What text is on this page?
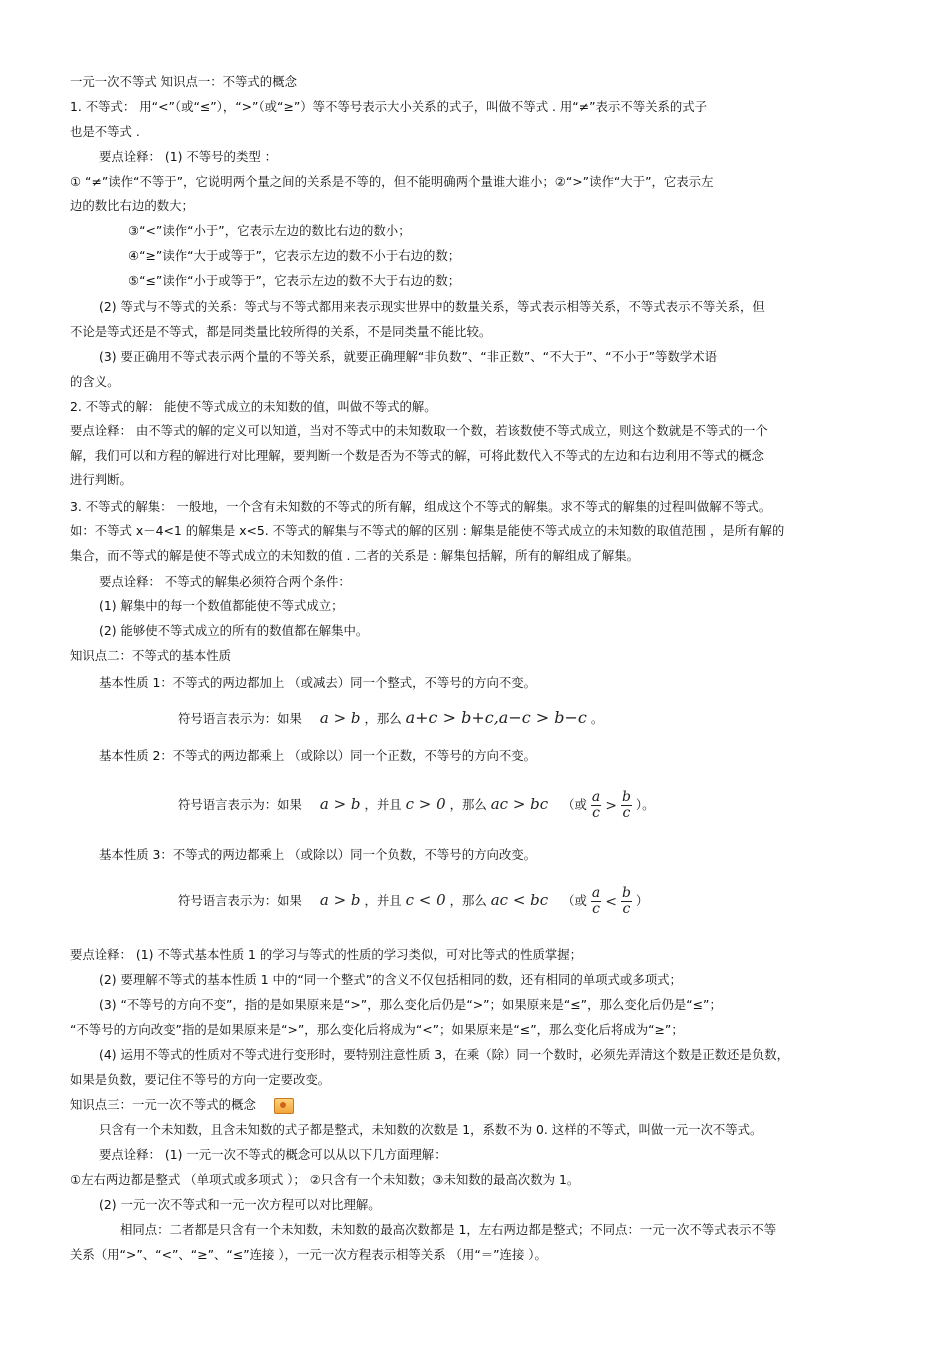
一元一次不等式 知识点一：不等式的概念
1. 不等式： 用“<”（或“≤”），“>”（或“≥”）等不等号表示大小关系的式子，叫做不等式 . 用“≠”表示不等关系的式子
也是不等式 .
要点诠释： (1) 不等号的类型 ：
① “≠”读作“不等于”，它说明两个量之间的关系是不等的，但不能明确两个量谁大谁小；②“>”读作“大于”，它表示左
边的数比右边的数大；
③“<”读作“小于”，它表示左边的数比右边的数小；
④“≥”读作“大于或等于”，它表示左边的数不小于右边的数；
⑤“≤”读作“小于或等于”，它表示左边的数不大于右边的数；
(2) 等式与不等式的关系：等式与不等式都用来表示现实世界中的数量关系，等式表示相等关系，不等式表示不等关系，但
不论是等式还是不等式，都是同类量比较所得的关系，不是同类量不能比较。
(3) 要正确用不等式表示两个量的不等关系，就要正确理解“非负数”、“非正数”、“不大于”、“不小于”等数学术语
的含义。
2. 不等式的解： 能使不等式成立的未知数的值，叫做不等式的解。
要点诠释： 由不等式的解的定义可以知道，当对不等式中的未知数取一个数，若该数使不等式成立，则这个数就是不等式的一个
解，我们可以和方程的解进行对比理解，要判断一个数是否为不等式的解，可将此数代入不等式的左边和右边利用不等式的概念
进行判断。
3. 不等式的解集： 一般地，一个含有未知数的不等式的所有解，组成这个不等式的解集。求不等式的解集的过程叫做解不等式。
如：不等式 x－4<1 的解集是 x<5. 不等式的解集与不等式的解的区别 : 解集是能使不等式成立的未知数的取值范围 ，是所有解的
集合，而不等式的解是使不等式成立的未知数的值 . 二者的关系是 : 解集包括解，所有的解组成了解集。
要点诠释： 不等式的解集必须符合两个条件：
(1) 解集中的每一个数值都能使不等式成立；
(2) 能够使不等式成立的所有的数值都在解集中。
知识点二：不等式的基本性质
基本性质 1：不等式的两边都加上 （或减去）同一个整式，不等号的方向不变。
符号语言表示为：如果 a > b ，那么 a+c > b+c,a−c > b−c 。
基本性质 2：不等式的两边都乘上 （或除以）同一个正数，不等号的方向不变。
符号语言表示为：如果 a > b ，并且 c > 0 ，那么 ac > bc （或 $\frac{a}{c} > \frac{b}{c}$ ）。
基本性质 3：不等式的两边都乘上 （或除以）同一个负数，不等号的方向改变。
符号语言表示为：如果 a > b ，并且 c < 0 ，那么 ac < bc （或 $\frac{a}{c} < \frac{b}{c}$ ）
要点诠释： (1) 不等式基本性质 1 的学习与等式的性质的学习类似，可对比等式的性质掌握；
(2) 要理解不等式的基本性质 1 中的“同一个整式”的含义不仅包括相同的数，还有相同的单项式或多项式；
(3) “不等号的方向不变”，指的是如果原来是“>”，那么变化后仍是“>”；如果原来是“≤”，那么变化后仍是“≤”；
“不等号的方向改变”指的是如果原来是“>”，那么变化后将成为“<”；如果原来是“≤”，那么变化后将成为“≥”；
(4) 运用不等式的性质对不等式进行变形时，要特别注意性质 3，在乘（除）同一个数时，必须先弄清这个数是正数还是负数，
如果是负数，要记住不等号的方向一定要改变。
知识点三：一元一次不等式的概念
只含有一个未知数，且含未知数的式子都是整式，未知数的次数是 1，系数不为 0. 这样的不等式，叫做一元一次不等式。
要点诠释： (1) 一元一次不等式的概念可以从以下几方面理解：
①左右两边都是整式 （单项式或多项式 ）； ②只含有一个未知数；③未知数的最高次数为 1。
(2) 一元一次不等式和一元一次方程可以对比理解。
相同点：二者都是只含有一个未知数，未知数的最高次数都是 1，左右两边都是整式；不同点：一元一次不等式表示不等
关系（用“>”、“<”、“≥”、“≤”连接 ），一元一次方程表示相等关系 （用“＝”连接 ）。
